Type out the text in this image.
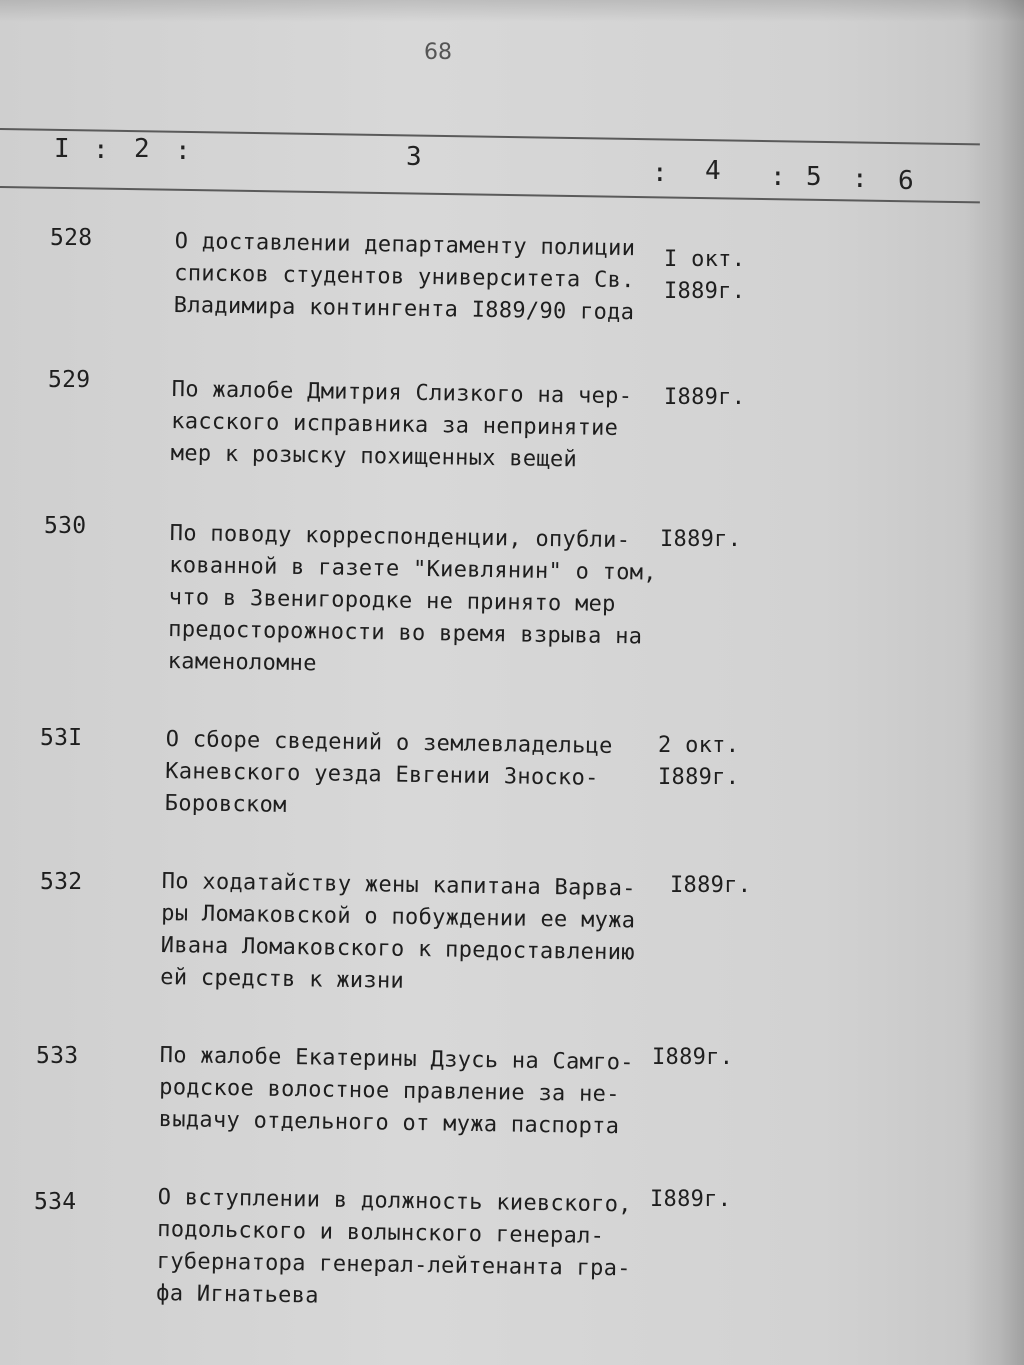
68
I : 2 :	3
: 4 : 5 : 6
528	О доставлении департаменту полиции
списков студентов университета Св.
Владимира контингента I889/90 года
I окт.
I889г.
529	По жалобе Дмитрия Слизкого на чер-
касского исправника за непринятие
мер к розыску похищенных вещей
I889г.
530	По поводу корреспонденции, опубли-
кованной в газете "Киевлянин" о том,
что в Звенигородке не принято мер
предосторожности во время взрыва на
каменоломне
I889г.
53I	О сборе сведений о землевладельце
Каневского уезда Евгении Зноско-
Боровском
2 окт.
I889г.
532	По ходатайству жены капитана Варва-
ры Ломаковской о побуждении ее мужа
Ивана Ломаковского к предоставлению
ей средств к жизни
I889г.
533	По жалобе Екатерины Дзусь на Самго-
родское волостное правление за не-
выдачу отдельного от мужа паспорта
I889г.
534	О вступлении в должность киевского,
подольского и волынского генерал-
губернатора генерал-лейтенанта гра-
фа Игнатьева
I889г.
